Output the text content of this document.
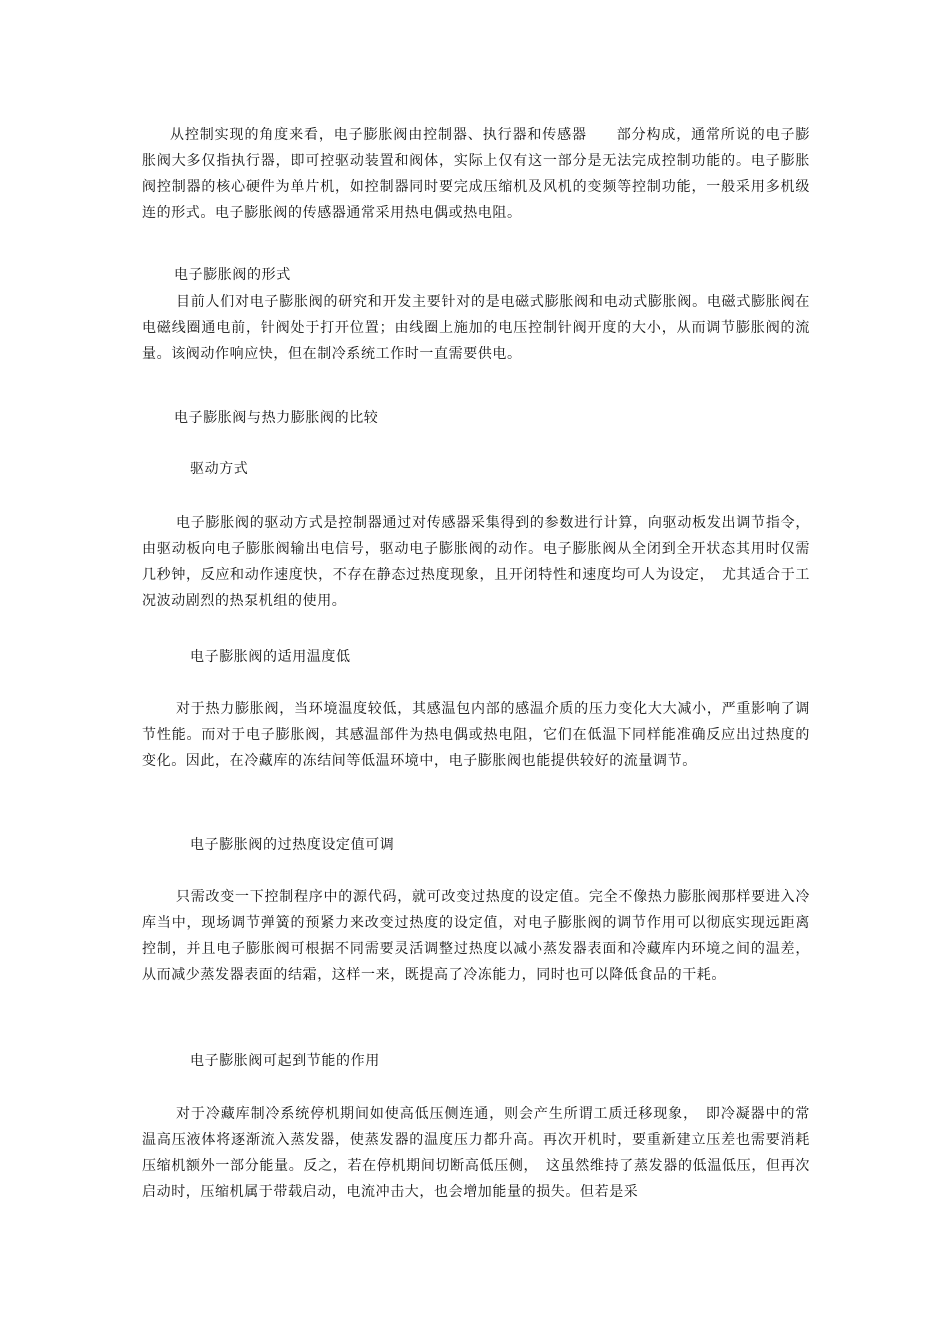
从控制实现的角度来看，电子膨胀阀由控制器、执行器和传感器　　部分构成，通常所说的电子膨胀阀大多仅指执行器，即可控驱动装置和阀体，实际上仅有这一部分是无法完成控制功能的。电子膨胀阀控制器的核心硬件为单片机，如控制器同时要完成压缩机及风机的变频等控制功能，一般采用多机级连的形式。电子膨胀阀的传感器通常采用热电偶或热电阻。

电子膨胀阀的形式

目前人们对电子膨胀阀的研究和开发主要针对的是电磁式膨胀阀和电动式膨胀阀。电磁式膨胀阀在电磁线圈通电前，针阀处于打开位置；由线圈上施加的电压控制针阀开度的大小，从而调节膨胀阀的流量。该阀动作响应快，但在制冷系统工作时一直需要供电。

电子膨胀阀与热力膨胀阀的比较

驱动方式

电子膨胀阀的驱动方式是控制器通过对传感器采集得到的参数进行计算，向驱动板发出调节指令，由驱动板向电子膨胀阀输出电信号，驱动电子膨胀阀的动作。电子膨胀阀从全闭到全开状态其用时仅需几秒钟，反应和动作速度快，不存在静态过热度现象，且开闭特性和速度均可人为设定，　尤其适合于工况波动剧烈的热泵机组的使用。

电子膨胀阀的适用温度低

对于热力膨胀阀，当环境温度较低，其感温包内部的感温介质的压力变化大大减小，严重影响了调节性能。而对于电子膨胀阀，其感温部件为热电偶或热电阻，它们在低温下同样能准确反应出过热度的变化。因此，在冷藏库的冻结间等低温环境中，电子膨胀阀也能提供较好的流量调节。

电子膨胀阀的过热度设定值可调

只需改变一下控制程序中的源代码，就可改变过热度的设定值。完全不像热力膨胀阀那样要进入冷库当中，现场调节弹簧的预紧力来改变过热度的设定值，对电子膨胀阀的调节作用可以彻底实现远距离控制，并且电子膨胀阀可根据不同需要灵活调整过热度以减小蒸发器表面和冷藏库内环境之间的温差，从而减少蒸发器表面的结霜，这样一来，既提高了冷冻能力，同时也可以降低食品的干耗。

电子膨胀阀可起到节能的作用

对于冷藏库制冷系统停机期间如使高低压侧连通，则会产生所谓工质迁移现象，　即冷凝器中的常温高压液体将逐渐流入蒸发器，使蒸发器的温度压力都升高。再次开机时，要重新建立压差也需要消耗压缩机额外一部分能量。反之，若在停机期间切断高低压侧，　这虽然维持了蒸发器的低温低压，但再次启动时，压缩机属于带载启动，电流冲击大，也会增加能量的损失。但若是采
